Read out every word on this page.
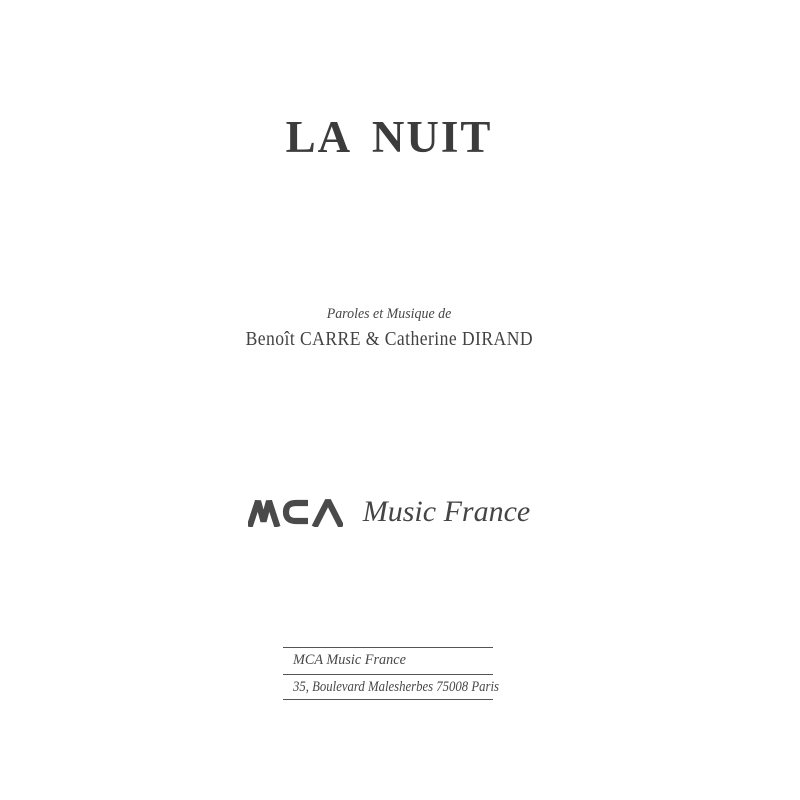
LA NUIT
Paroles et Musique de
Benoît CARRE & Catherine DIRAND
Music France
MCA Music France
35, Boulevard Malesherbes 75008 Paris
